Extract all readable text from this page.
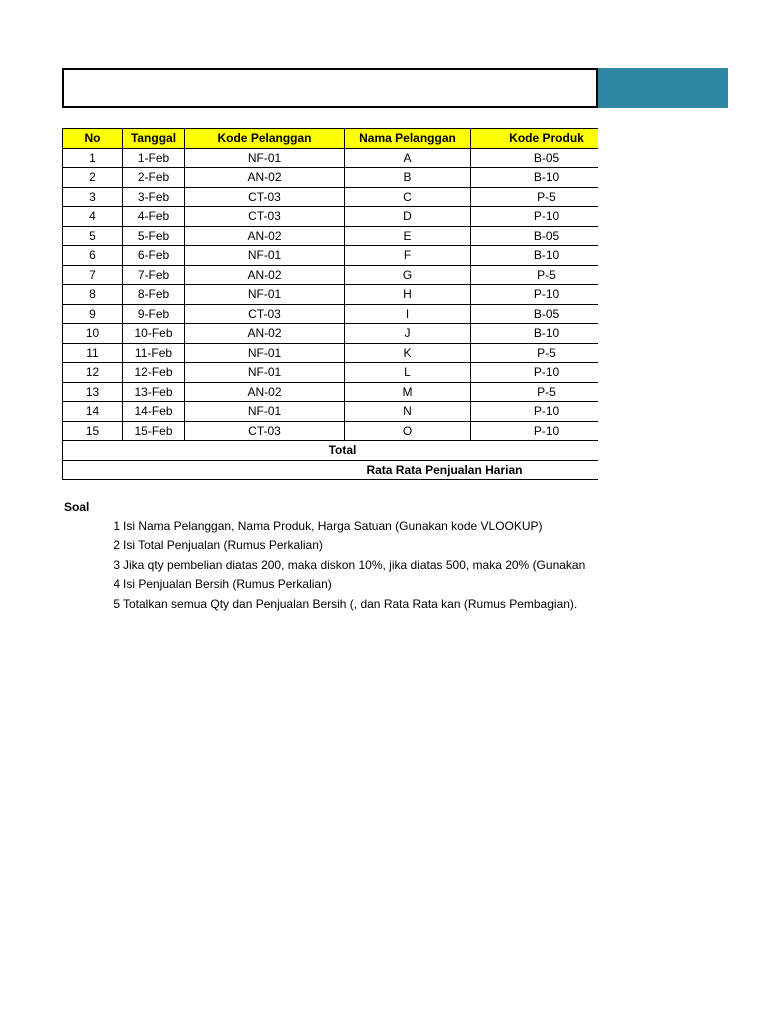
Daftar P
No	Tanggal	Kode Pelanggan	Nama Pelanggan	Kode Produk
1	1-Feb	NF-01	A	B-05
2	2-Feb	AN-02	B	B-10
3	3-Feb	CT-03	C	P-5
4	4-Feb	CT-03	D	P-10
5	5-Feb	AN-02	E	B-05
6	6-Feb	NF-01	F	B-10
7	7-Feb	AN-02	G	P-5
8	8-Feb	NF-01	H	P-10
9	9-Feb	CT-03	I	B-05
10	10-Feb	AN-02	J	B-10
11	11-Feb	NF-01	K	P-5
12	12-Feb	NF-01	L	P-10
13	13-Feb	AN-02	M	P-5
14	14-Feb	NF-01	N	P-10
15	15-Feb	CT-03	O	P-10
Total				
Rata Rata Penjualan Harian				
Soal
1 Isi Nama Pelanggan, Nama Produk, Harga Satuan (Gunakan kode VLOOKUP)
2 Isi Total Penjualan (Rumus Perkalian)
3 Jika qty pembelian diatas 200, maka diskon 10%, jika diatas 500, maka 20% (Gunakan
4 Isi Penjualan Bersih (Rumus Perkalian)
5 Totalkan semua Qty dan Penjualan Bersih (, dan Rata Rata kan (Rumus Pembagian).
